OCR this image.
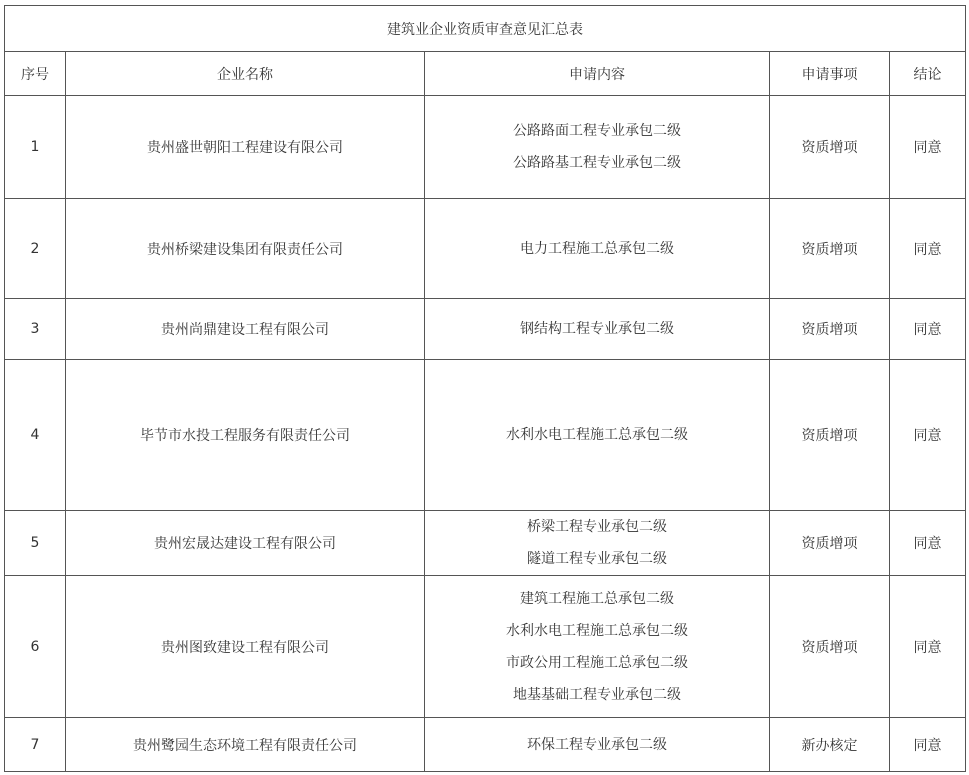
建筑业企业资质审查意见汇总表				
序号	企业名称	申请内容	申请事项	结论
1	贵州盛世朝阳工程建设有限公司	公路路面工程专业承包二级
公路路基工程专业承包二级	资质增项	同意
2	贵州桥梁建设集团有限责任公司	电力工程施工总承包二级	资质增项	同意
3	贵州尚鼎建设工程有限公司	钢结构工程专业承包二级	资质增项	同意
4	毕节市水投工程服务有限责任公司	水利水电工程施工总承包二级	资质增项	同意
5	贵州宏晟达建设工程有限公司	桥梁工程专业承包二级
隧道工程专业承包二级	资质增项	同意
6	贵州图致建设工程有限公司	建筑工程施工总承包二级
水利水电工程施工总承包二级
市政公用工程施工总承包二级
地基基础工程专业承包二级	资质增项	同意
7	贵州鹭园生态环境工程有限责任公司	环保工程专业承包二级	新办核定	同意
